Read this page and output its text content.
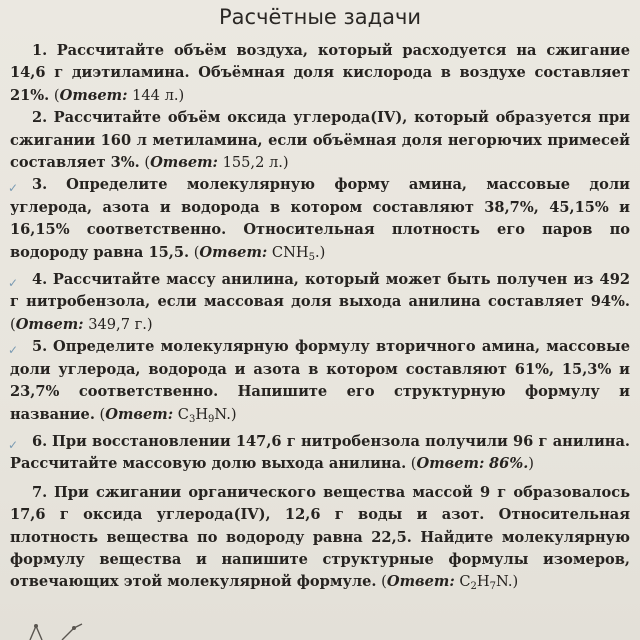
Расчётные задачи

1. Рассчитайте объём воздуха, который расходуется на сжигание 14,6 г диэтиламина. Объёмная доля кислорода в воздухе составляет 21%. (Ответ: 144 л.)

2. Рассчитайте объём оксида углерода(IV), который образуется при сжигании 160 л метиламина, если объёмная доля негорючих примесей составляет 3%. (Ответ: 155,2 л.)

✓ 3. Определите молекулярную форму амина, массовые доли углерода, азота и водорода в котором составляют 38,7%, 45,15% и 16,15% соответственно. Относительная плотность его паров по водороду равна 15,5. (Ответ: $CNH_5$.)

✓ 4. Рассчитайте массу анилина, который может быть получен из 492 г нитробензола, если массовая доля выхода анилина составляет 94%. (Ответ: 349,7 г.)

✓ 5. Определите молекулярную формулу вторичного амина, массовые доли углерода, водорода и азота в котором составляют 61%, 15,3% и 23,7% соответственно. Напишите его структурную формулу и название. (Ответ: $C_3H_9N$.)

✓ 6. При восстановлении 147,6 г нитробензола получили 96 г анилина. Рассчитайте массовую долю выхода анилина. (Ответ: 86%.)

7. При сжигании органического вещества массой 9 г образовалось 17,6 г оксида углерода(IV), 12,6 г воды и азот. Относительная плотность вещества по водороду равна 22,5. Найдите молекулярную формулу вещества и напишите структурные формулы изомеров, отвечающих этой молекулярной формуле. (Ответ: $C_2H_7N$.)
